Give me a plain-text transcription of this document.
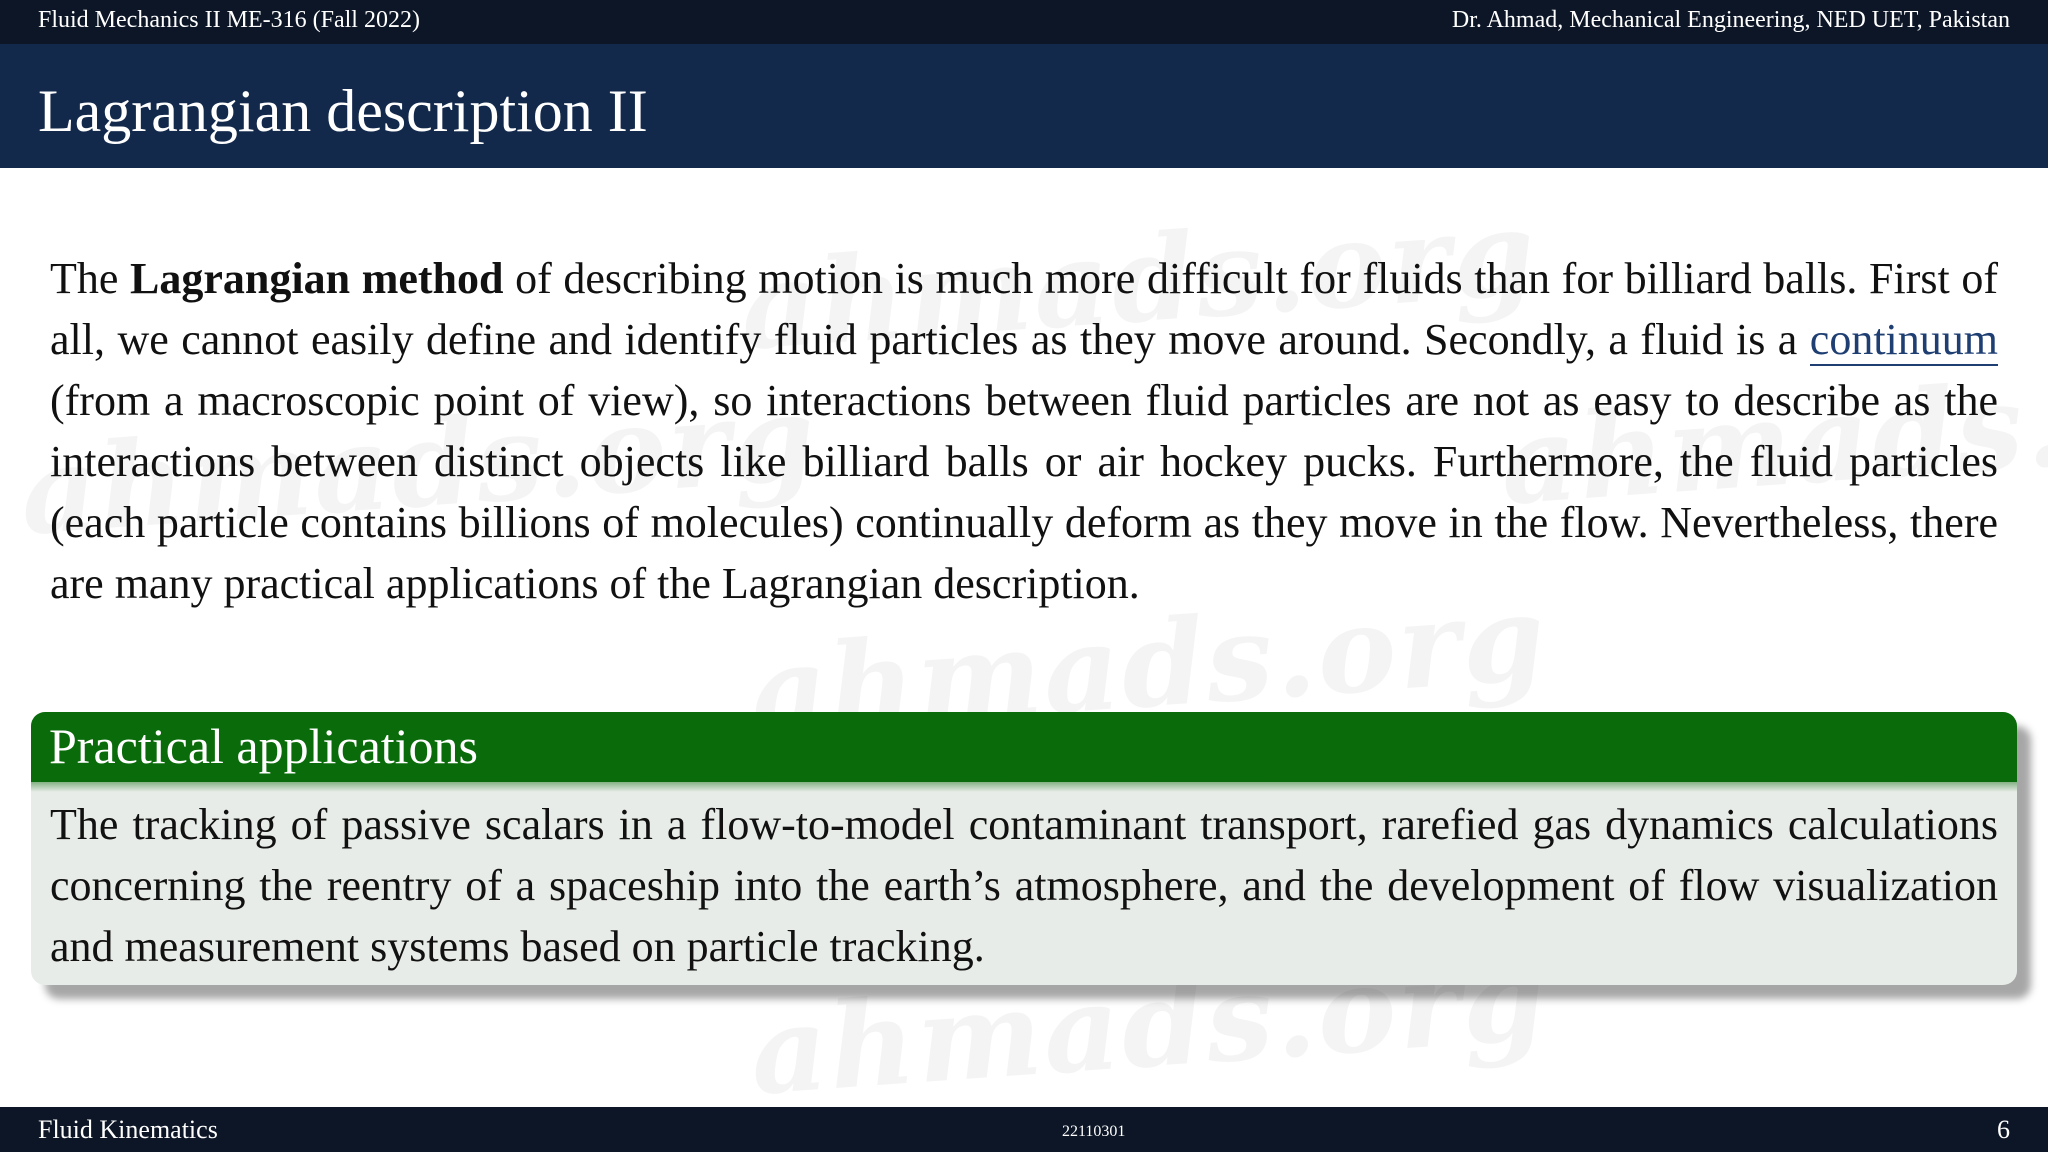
Fluid Mechanics II ME-316 (Fall 2022)	Dr. Ahmad, Mechanical Engineering, NED UET, Pakistan
Lagrangian description II
The Lagrangian method of describing motion is much more difficult for fluids than for billiard balls. First of all, we cannot easily define and identify fluid particles as they move around. Secondly, a fluid is a continuum (from a macroscopic point of view), so interactions between fluid particles are not as easy to describe as the interactions between distinct objects like billiard balls or air hockey pucks. Furthermore, the fluid particles (each particle contains billions of molecules) continually deform as they move in the flow. Nevertheless, there are many practical applications of the Lagrangian description.
Practical applications
The tracking of passive scalars in a flow-to-model contaminant transport, rarefied gas dynamics calculations concerning the reentry of a spaceship into the earth’s atmosphere, and the development of flow visualization and measurement systems based on particle tracking.
Fluid Kinematics	22110301	6
